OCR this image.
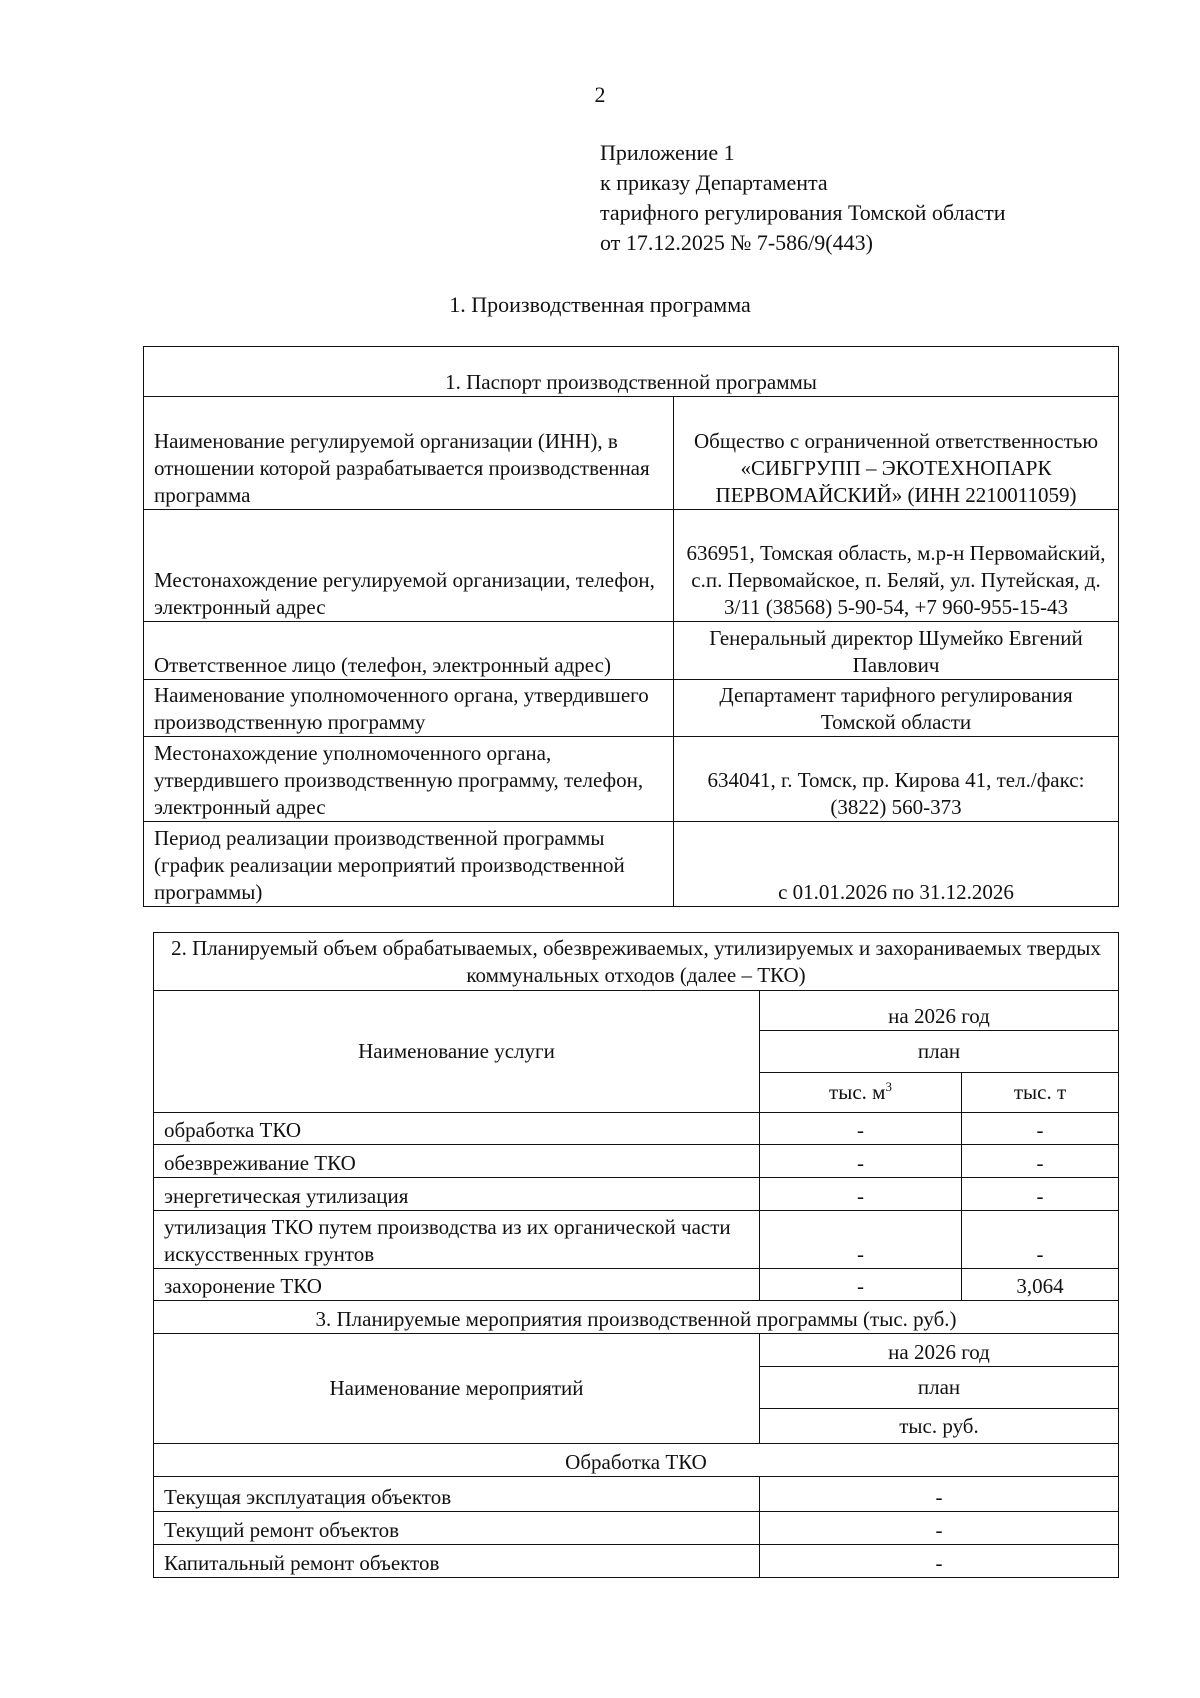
2
Приложение 1
к приказу Департамента
тарифного регулирования Томской области
от 17.12.2025 № 7-586/9(443)
1. Производственная программа
1. Паспорт производственной программы	
Наименование регулируемой организации (ИНН), в отношении которой разрабатывается производственная программа	Общество с ограниченной ответственностью «СИБГРУПП – ЭКОТЕХНОПАРК ПЕРВОМАЙСКИЙ» (ИНН 2210011059)
Местонахождение регулируемой организации, телефон, электронный адрес	636951, Томская область, м.р-н Первомайский, с.п. Первомайское, п. Беляй, ул. Путейская, д. 3/11 (38568) 5-90-54, +7 960-955-15-43
Ответственное лицо (телефон, электронный адрес)	Генеральный директор Шумейко Евгений Павлович
Наименование уполномоченного органа, утвердившего производственную программу	Департамент тарифного регулирования Томской области
Местонахождение уполномоченного органа, утвердившего производственную программу, телефон, электронный адрес	634041, г. Томск, пр. Кирова 41, тел./факс: (3822) 560-373
Период реализации производственной программы (график реализации мероприятий производственной программы)	с 01.01.2026 по 31.12.2026
2. Планируемый объем обрабатываемых, обезвреживаемых, утилизируемых и захораниваемых твердых коммунальных отходов (далее – ТКО)		
Наименование услуги	на 2026 год	
	план	
	тыс. $м^3$	тыс. т
обработка ТКО	-	-
обезвреживание ТКО	-	-
энергетическая утилизация	-	-
утилизация ТКО путем производства из их органической части искусственных грунтов	-	-
захоронение ТКО	-	3,064
3. Планируемые мероприятия производственной программы (тыс. руб.)		
Наименование мероприятий	на 2026 год	
	план	
	тыс. руб.	
Обработка ТКО		
Текущая эксплуатация объектов	-	
Текущий ремонт объектов	-	
Капитальный ремонт объектов	-	
